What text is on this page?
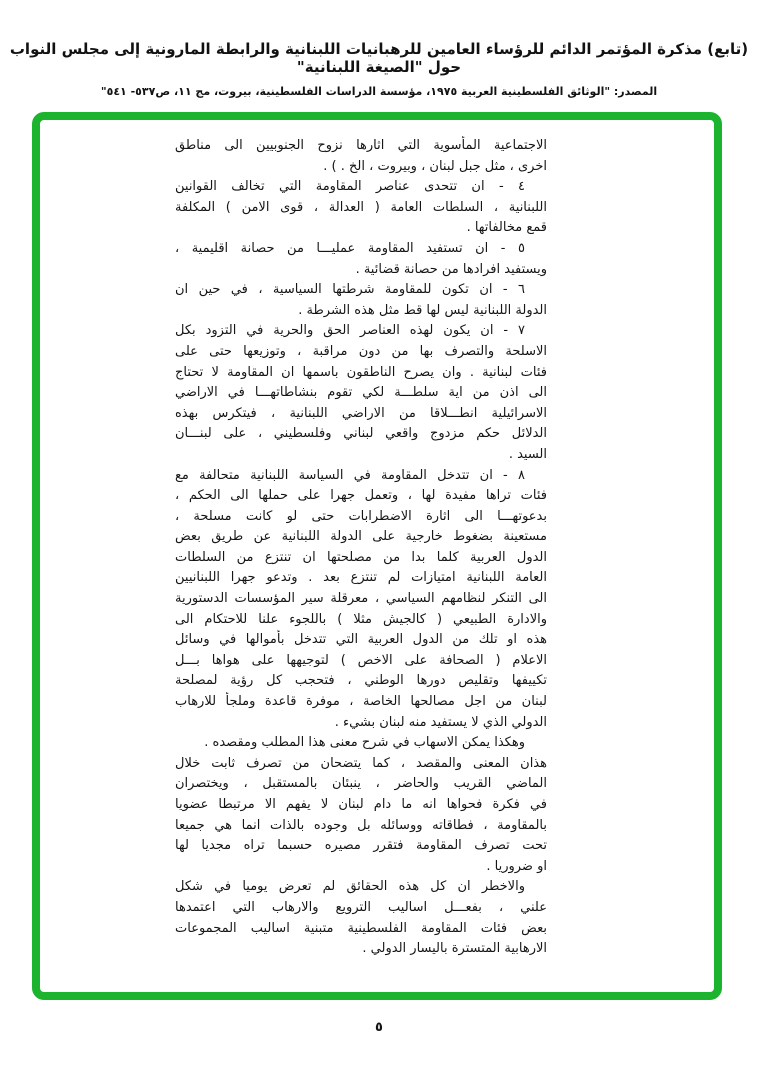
(تابع) مذكرة المؤتمر الدائم للرؤساء العامين للرهبانيات اللبنانية والرابطة المارونية إلى مجلس النواب حول "الصيغة اللبنانية"
المصدر: "الوثائق الفلسطينية العربية ١٩٧٥، مؤسسة الدراسات الفلسطينية، بيروت، مج ١١، ص٥٣٧- ٥٤١"
الاجتماعية المأسوية التي اثارها نزوح الجنوبيين الى مناطق
اخرى ، مثل جبل لبنان ، وبيروت ، الخ . ) .
٤ - ان تتحدى عناصر المقاومة التي تخالف القوانين
اللبنانية ، السلطات العامة ( العدالة ، قوى الامن ) المكلفة
قمع مخالفاتها .
٥ - ان تستفيد المقاومة عمليـــا من حصانة اقليمية ،
ويستفيد افرادها من حصانة قضائية .
٦ - ان تكون للمقاومة شرطتها السياسية ، في حين ان
الدولة اللبنانية ليس لها قط مثل هذه الشرطة .
٧ - ان يكون لهذه العناصر الحق والحرية في التزود بكل
الاسلحة والتصرف بها من دون مراقبة ، وتوزيعها حتى على
فئات لبنانية . وان يصرح الناطقون باسمها ان المقاومة لا تحتاج
الى اذن من اية سلطـــة لكي تقوم بنشاطاتهـــا في الاراضي
الاسرائيلية انطـــلاقا من الاراضي اللبنانية ، فيتكرس بهذه
الدلائل حكم مزدوج واقعي لبناني وفلسطيني ، على لبنـــان
السيد .
٨ - ان تتدخل المقاومة في السياسة اللبنانية متحالفة مع
فئات تراها مفيدة لها ، وتعمل جهرا على حملها الى الحكم ،
بدعوتهـــا الى اثارة الاضطرابات حتى لو كانت مسلحة ،
مستعينة بضغوط خارجية على الدولة اللبنانية عن طريق بعض
الدول العربية كلما بدا من مصلحتها ان تنتزع من السلطات
العامة اللبنانية امتيازات لم تنتزع بعد . وتدعو جهرا اللبنانيين
الى التنكر لنظامهم السياسي ، معرقلة سير المؤسسات الدستورية
والادارة الطبيعي ( كالجيش مثلا ) باللجوء علنا للاحتكام الى
هذه او تلك من الدول العربية التي تتدخل بأموالها في وسائل
الاعلام ( الصحافة على الاخص ) لتوجيهها على هواها بـــل
تكييفها وتقليص دورها الوطني ، فتحجب كل رؤية لمصلحة
لبنان من اجل مصالحها الخاصة ، موفرة قاعدة وملجأً للارهاب
الدولي الذي لا يستفيد منه لبنان بشيء .
وهكذا يمكن الاسهاب في شرح معنى هذا المطلب ومقصده .
هذان المعنى والمقصد ، كما يتضحان من تصرف ثابت خلال
الماضي القريب والحاضر ، ينبئان بالمستقبل ، ويختصران
في فكرة فحواها انه ما دام لبنان لا يفهم الا مرتبطا عضويا
بالمقاومة ، فطاقاته ووسائله بل وجوده بالذات انما هي جميعا
تحت تصرف المقاومة فتقرر مصيره حسبما تراه مجديا لها
او ضروريا .
والاخطر ان كل هذه الحقائق لم تعرض يوميا في شكل
علني ، بفعـــل اساليب الترويع والارهاب التي اعتمدها
بعض فئات المقاومة الفلسطينية متبنية اساليب المجموعات
الارهابية المتسترة باليسار الدولي .
٥
